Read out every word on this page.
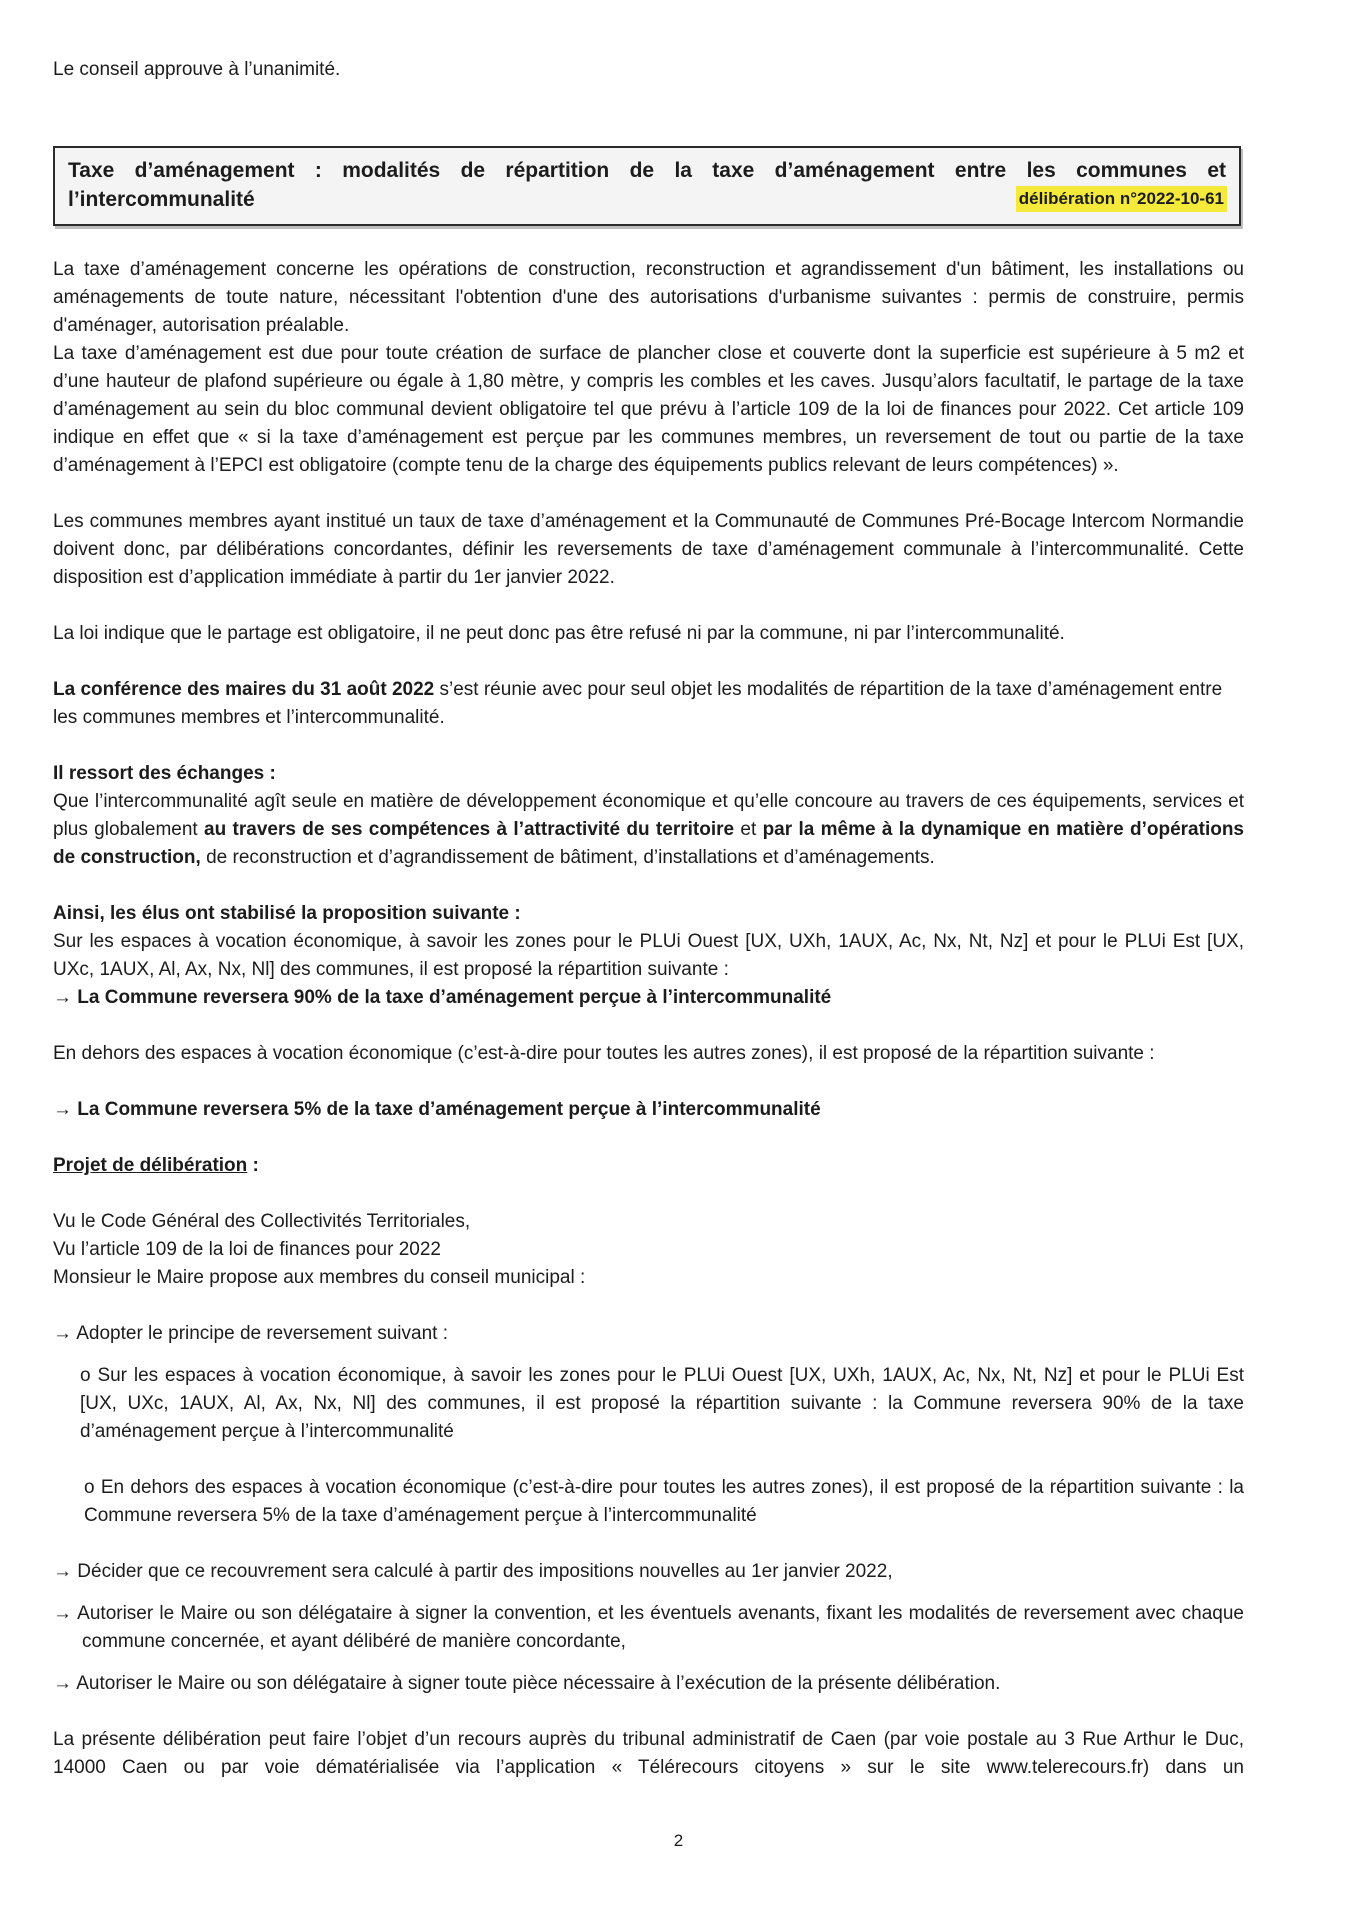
Le conseil approuve à l’unanimité.

Taxe d’aménagement : modalités de répartition de la taxe d’aménagement entre les communes et

l’intercommunalité	délibération n°2022-10-61

La taxe d’aménagement concerne les opérations de construction, reconstruction et agrandissement d'un bâtiment, les installations ou aménagements de toute nature, nécessitant l'obtention d'une des autorisations d'urbanisme suivantes : permis de construire, permis d'aménager, autorisation préalable.

La taxe d’aménagement est due pour toute création de surface de plancher close et couverte dont la superficie est supérieure à 5 m2 et d’une hauteur de plafond supérieure ou égale à 1,80 mètre, y compris les combles et les caves. Jusqu’alors facultatif, le partage de la taxe d’aménagement au sein du bloc communal devient obligatoire tel que prévu à l’article 109 de la loi de finances pour 2022. Cet article 109 indique en effet que « si la taxe d’aménagement est perçue par les communes membres, un reversement de tout ou partie de la taxe d’aménagement à l’EPCI est obligatoire (compte tenu de la charge des équipements publics relevant de leurs compétences) ».

Les communes membres ayant institué un taux de taxe d’aménagement et la Communauté de Communes Pré-Bocage Intercom Normandie doivent donc, par délibérations concordantes, définir les reversements de taxe d’aménagement communale à l’intercommunalité. Cette disposition est d’application immédiate à partir du 1er janvier 2022.

La loi indique que le partage est obligatoire, il ne peut donc pas être refusé ni par la commune, ni par l’intercommunalité.

La conférence des maires du 31 août 2022 s’est réunie avec pour seul objet les modalités de répartition de la taxe d’aménagement entre les communes membres et l’intercommunalité.

Il ressort des échanges :

Que l’intercommunalité agît seule en matière de développement économique et qu’elle concoure au travers de ces équipements, services et plus globalement au travers de ses compétences à l’attractivité du territoire et par la même à la dynamique en matière d’opérations de construction, de reconstruction et d’agrandissement de bâtiment, d’installations et d’aménagements.

Ainsi, les élus ont stabilisé la proposition suivante :

Sur les espaces à vocation économique, à savoir les zones pour le PLUi Ouest [UX, UXh, 1AUX, Ac, Nx, Nt, Nz] et pour le PLUi Est [UX, UXc, 1AUX, Al, Ax, Nx, Nl] des communes, il est proposé la répartition suivante :

→ La Commune reversera 90% de la taxe d’aménagement perçue à l’intercommunalité

En dehors des espaces à vocation économique (c’est-à-dire pour toutes les autres zones), il est proposé de la répartition suivante :

→ La Commune reversera 5% de la taxe d’aménagement perçue à l’intercommunalité

Projet de délibération :

Vu le Code Général des Collectivités Territoriales,

Vu l’article 109 de la loi de finances pour 2022

Monsieur le Maire propose aux membres du conseil municipal :

→ Adopter le principe de reversement suivant :

o Sur les espaces à vocation économique, à savoir les zones pour le PLUi Ouest [UX, UXh, 1AUX, Ac, Nx, Nt, Nz] et pour le PLUi Est [UX, UXc, 1AUX, Al, Ax, Nx, Nl] des communes, il est proposé la répartition suivante : la Commune reversera 90% de la taxe d’aménagement perçue à l’intercommunalité

o En dehors des espaces à vocation économique (c’est-à-dire pour toutes les autres zones), il est proposé de la répartition suivante : la Commune reversera 5% de la taxe d’aménagement perçue à l’intercommunalité

→ Décider que ce recouvrement sera calculé à partir des impositions nouvelles au 1er janvier 2022,

→ Autoriser le Maire ou son délégataire à signer la convention, et les éventuels avenants, fixant les modalités de reversement avec chaque commune concernée, et ayant délibéré de manière concordante,

→ Autoriser le Maire ou son délégataire à signer toute pièce nécessaire à l’exécution de la présente délibération.

La présente délibération peut faire l’objet d’un recours auprès du tribunal administratif de Caen (par voie postale au 3 Rue Arthur le Duc, 14000 Caen ou par voie dématérialisée via l’application « Télérecours citoyens » sur le site www.telerecours.fr) dans un

2
